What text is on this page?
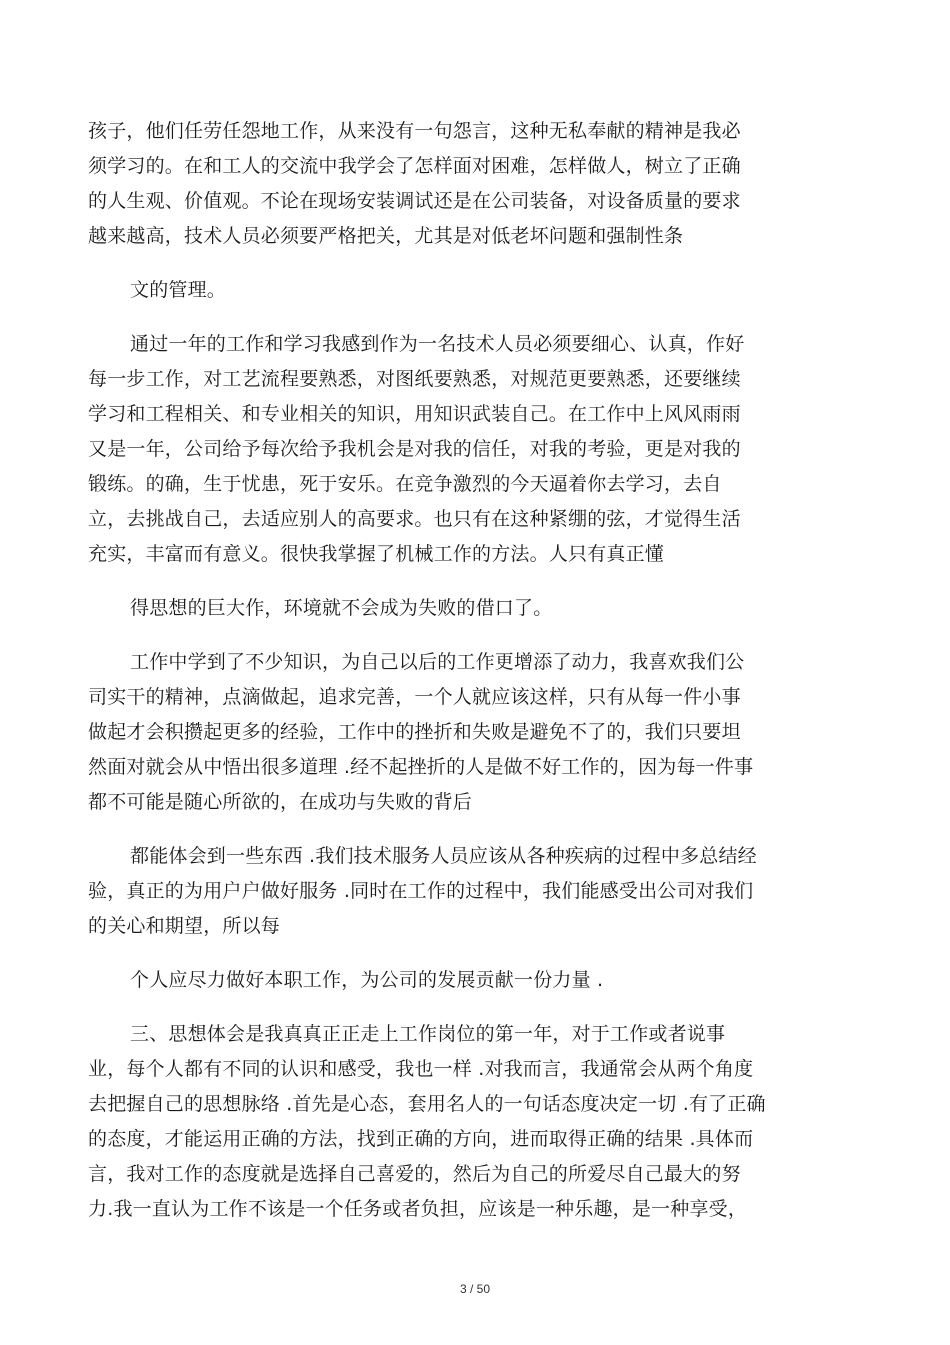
孩子，他们任劳任怨地工作，从来没有一句怨言，这种无私奉献的精神是我必
须学习的。在和工人的交流中我学会了怎样面对困难，怎样做人，树立了正确
的人生观、价值观。不论在现场安装调试还是在公司装备，对设备质量的要求
越来越高，技术人员必须要严格把关，尤其是对低老坏问题和强制性条
文的管理。
通过一年的工作和学习我感到作为一名技术人员必须要细心、认真，作好
每一步工作，对工艺流程要熟悉，对图纸要熟悉，对规范更要熟悉，还要继续
学习和工程相关、和专业相关的知识，用知识武装自己。在工作中上风风雨雨
又是一年，公司给予每次给予我机会是对我的信任，对我的考验，更是对我的
锻练。的确，生于忧患，死于安乐。在竞争激烈的今天逼着你去学习，去自
立，去挑战自己，去适应别人的高要求。也只有在这种紧绷的弦，才觉得生活
充实，丰富而有意义。很快我掌握了机械工作的方法。人只有真正懂
得思想的巨大作，环境就不会成为失败的借口了。
工作中学到了不少知识，为自己以后的工作更增添了动力，我喜欢我们公
司实干的精神，点滴做起，追求完善，一个人就应该这样，只有从每一件小事
做起才会积攒起更多的经验，工作中的挫折和失败是避免不了的，我们只要坦
然面对就会从中悟出很多道理 .经不起挫折的人是做不好工作的，因为每一件事
都不可能是随心所欲的，在成功与失败的背后
都能体会到一些东西 .我们技术服务人员应该从各种疾病的过程中多总结经
验，真正的为用户户做好服务 .同时在工作的过程中，我们能感受出公司对我们
的关心和期望，所以每
个人应尽力做好本职工作，为公司的发展贡献一份力量 .
三、思想体会是我真真正正走上工作岗位的第一年，对于工作或者说事
业，每个人都有不同的认识和感受，我也一样 .对我而言，我通常会从两个角度
去把握自己的思想脉络 .首先是心态，套用名人的一句话态度决定一切 .有了正确
的态度，才能运用正确的方法，找到正确的方向，进而取得正确的结果 .具体而
言，我对工作的态度就是选择自己喜爱的，然后为自己的所爱尽自己最大的努
力.我一直认为工作不该是一个任务或者负担，应该是一种乐趣，是一种享受，
3 / 50
